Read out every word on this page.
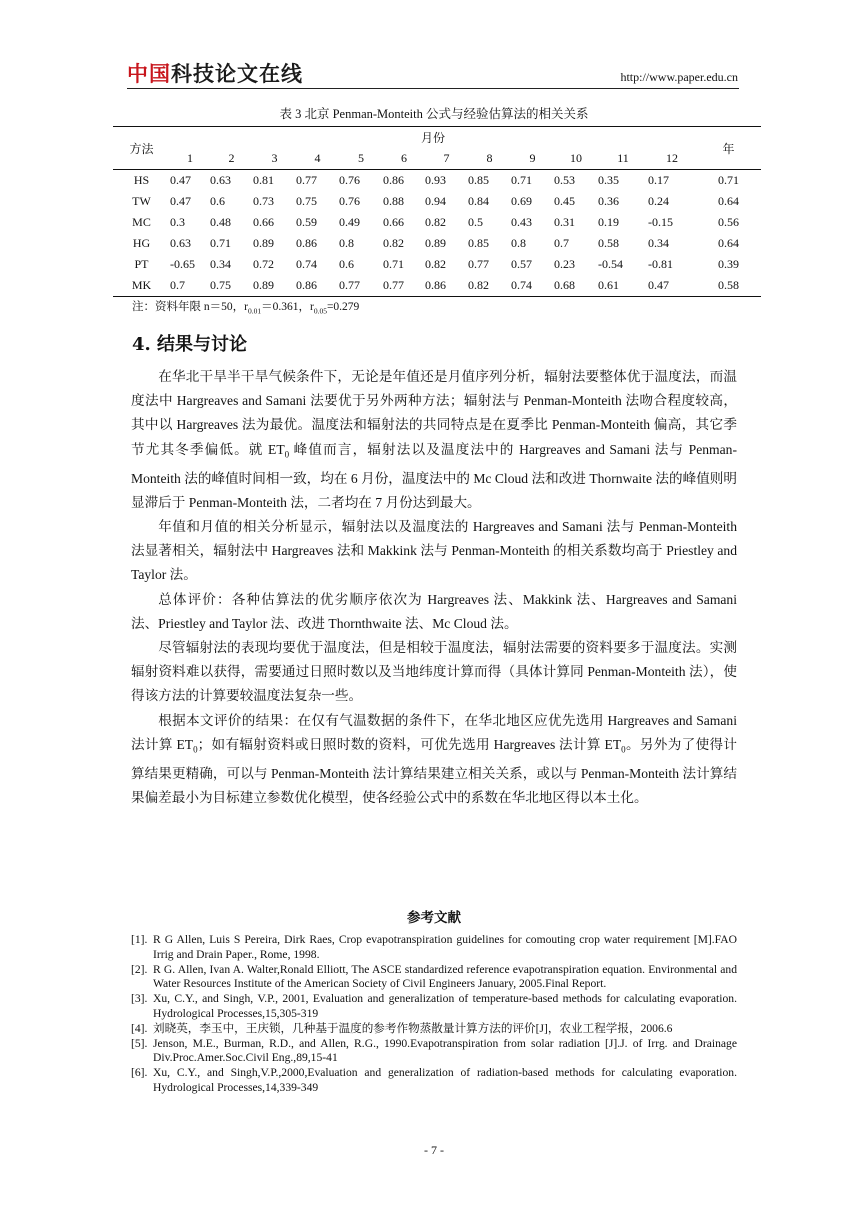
中国 科技论文在线	http://www.paper.edu.cn
表 3 北京 Penman-Monteith 公式与经验估算法的相关关系
方法	月份												年
	1	2	3	4	5	6	7	8	9	10	11	12	
HS	0.47	0.63	0.81	0.77	0.76	0.86	0.93	0.85	0.71	0.53	0.35	0.17	0.71
TW	0.47	0.6	0.73	0.75	0.76	0.88	0.94	0.84	0.69	0.45	0.36	0.24	0.64
MC	0.3	0.48	0.66	0.59	0.49	0.66	0.82	0.5	0.43	0.31	0.19	-0.15	0.56
HG	0.63	0.71	0.89	0.86	0.8	0.82	0.89	0.85	0.8	0.7	0.58	0.34	0.64
PT	-0.65	0.34	0.72	0.74	0.6	0.71	0.82	0.77	0.57	0.23	-0.54	-0.81	0.39
MK	0.7	0.75	0.89	0.86	0.77	0.77	0.86	0.82	0.74	0.68	0.61	0.47	0.58
注：资料年限 n＝50，$r_{0.01}=0.361$，$r_{0.05}=0.279$
4. 结果与讨论

在华北干旱半干旱气候条件下，无论是年值还是月值序列分析，辐射法要整体优于温度法，而温度法中 Hargreaves and Samani 法要优于另外两种方法；辐射法与 Penman-Monteith 法吻合程度较高，其中以 Hargreaves 法为最优。温度法和辐射法的共同特点是在夏季比 Penman-Monteith 偏高，其它季节尤其冬季偏低。就 $ET_0$ 峰值而言，辐射法以及温度法中的 Hargreaves and Samani 法与 Penman-Monteith 法的峰值时间相一致，均在 6 月份，温度法中的 Mc Cloud 法和改进 Thornwaite 法的峰值则明显滞后于 Penman-Monteith 法，二者均在 7 月份达到最大。

年值和月值的相关分析显示，辐射法以及温度法的 Hargreaves and Samani 法与 Penman-Monteith 法显著相关，辐射法中 Hargreaves 法和 Makkink 法与 Penman-Monteith 的相关系数均高于 Priestley and Taylor 法。

总体评价：各种估算法的优劣顺序依次为 Hargreaves 法、Makkink 法、Hargreaves and Samani 法、Priestley and Taylor 法、改进 Thornthwaite 法、Mc Cloud 法。

尽管辐射法的表现均要优于温度法，但是相较于温度法，辐射法需要的资料要多于温度法。实测辐射资料难以获得，需要通过日照时数以及当地纬度计算而得（具体计算同 Penman-Monteith 法），使得该方法的计算要较温度法复杂一些。

根据本文评价的结果：在仅有气温数据的条件下，在华北地区应优先选用 Hargreaves and Samani 法计算 $ET_0$；如有辐射资料或日照时数的资料，可优先选用 Hargreaves 法计算 $ET_0$。另外为了使得计算结果更精确，可以与 Penman-Monteith 法计算结果建立相关关系，或以与 Penman-Monteith 法计算结果偏差最小为目标建立参数优化模型，使各经验公式中的系数在华北地区得以本土化。

参考文献
[1]. R G Allen, Luis S Pereira, Dirk Raes, Crop evapotranspiration guidelines for comouting crop water requirement [M].FAO Irrig and Drain Paper., Rome, 1998.
[2]. R G. Allen, Ivan A. Walter,Ronald Elliott, The ASCE standardized reference evapotranspiration equation. Environmental and Water Resources Institute of the American Society of Civil Engineers January, 2005.Final Report.
[3]. Xu, C.Y., and Singh, V.P., 2001, Evaluation and generalization of temperature-based methods for calculating evaporation. Hydrological Processes,15,305-319
[4]. 刘晓英，李玉中，王庆锁，几种基于温度的参考作物蒸散量计算方法的评价[J]，农业工程学报，2006.6
[5]. Jenson, M.E., Burman, R.D., and Allen, R.G., 1990.Evapotranspiration from solar radiation [J].J. of Irrg. and Drainage Div.Proc.Amer.Soc.Civil Eng.,89,15-41
[6]. Xu, C.Y., and Singh,V.P.,2000,Evaluation and generalization of radiation-based methods for calculating evaporation. Hydrological Processes,14,339-349
- 7 -
